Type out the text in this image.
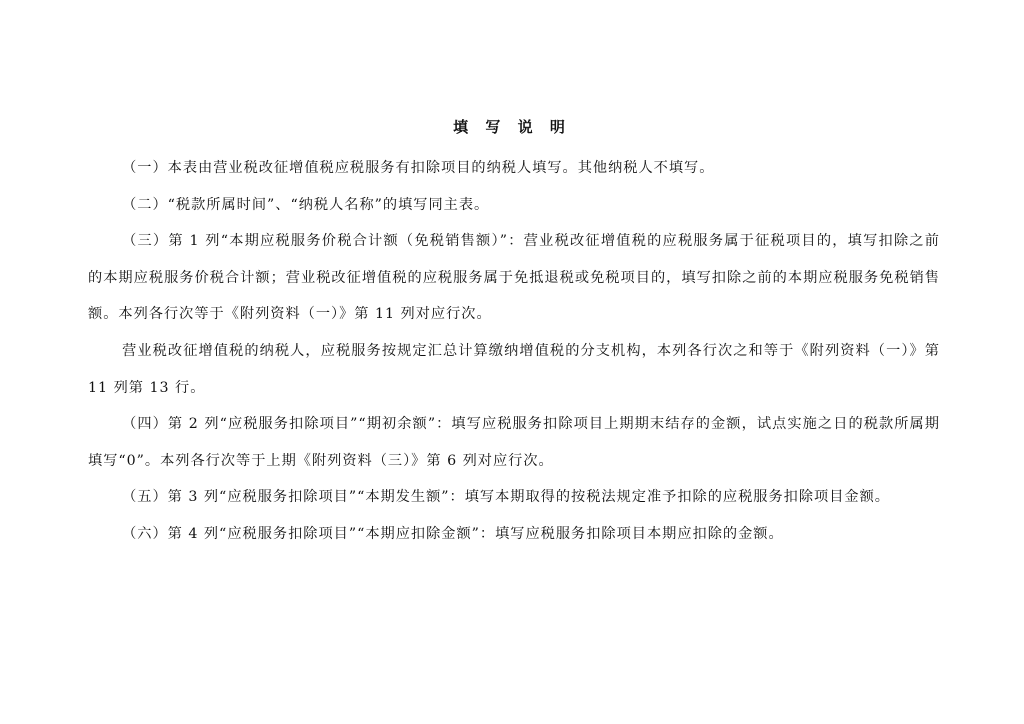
填 写 说 明

（一）本表由营业税改征增值税应税服务有扣除项目的纳税人填写。其他纳税人不填写。

（二）“税款所属时间”、“纳税人名称”的填写同主表。

（三）第 1 列“本期应税服务价税合计额（免税销售额）”：营业税改征增值税的应税服务属于征税项目的，填写扣除之前的本期应税服务价税合计额；营业税改征增值税的应税服务属于免抵退税或免税项目的，填写扣除之前的本期应税服务免税销售额。本列各行次等于《附列资料（一）》第 11 列对应行次。

营业税改征增值税的纳税人，应税服务按规定汇总计算缴纳增值税的分支机构，本列各行次之和等于《附列资料（一）》第 11 列第 13 行。

（四）第 2 列“应税服务扣除项目”“期初余额”：填写应税服务扣除项目上期期末结存的金额，试点实施之日的税款所属期填写“0”。本列各行次等于上期《附列资料（三）》第 6 列对应行次。

（五）第 3 列“应税服务扣除项目”“本期发生额”：填写本期取得的按税法规定准予扣除的应税服务扣除项目金额。

（六）第 4 列“应税服务扣除项目”“本期应扣除金额”：填写应税服务扣除项目本期应扣除的金额。
